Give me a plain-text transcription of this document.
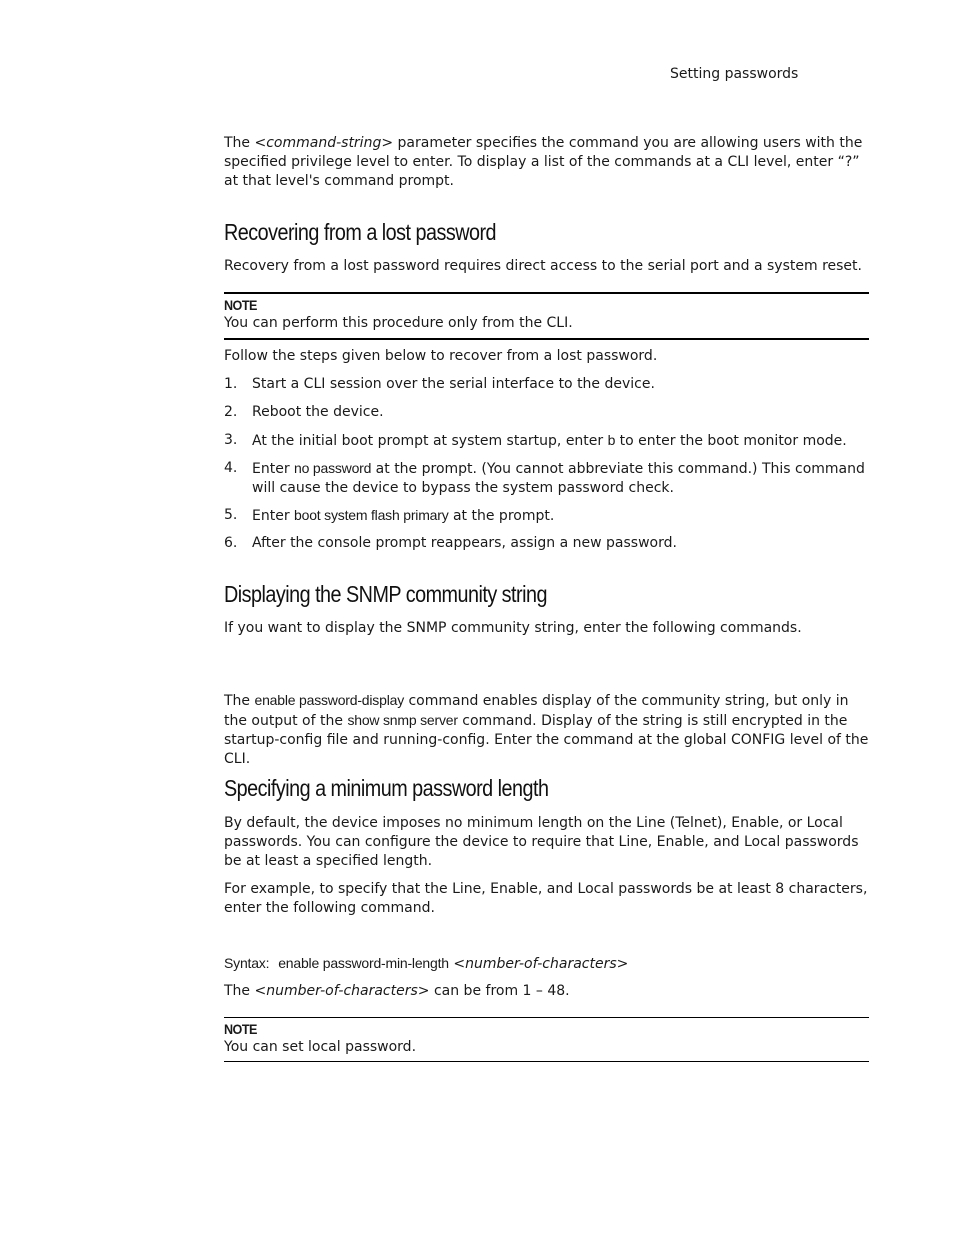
Setting passwords

The <command-string> parameter specifies the command you are allowing users with the specified privilege level to enter. To display a list of the commands at a CLI level, enter “?” at that level's command prompt.

Recovering from a lost password

Recovery from a lost password requires direct access to the serial port and a system reset.

NOTE
You can perform this procedure only from the CLI.

Follow the steps given below to recover from a lost password.

1. Start a CLI session over the serial interface to the device.
2. Reboot the device.
3. At the initial boot prompt at system startup, enter b to enter the boot monitor mode.
4. Enter no password at the prompt. (You cannot abbreviate this command.) This command will cause the device to bypass the system password check.
5. Enter boot system flash primary at the prompt.
6. After the console prompt reappears, assign a new password.
Displaying the SNMP community string

If you want to display the SNMP community string, enter the following commands.

The enable password-display command enables display of the community string, but only in the output of the show snmp server command. Display of the string is still encrypted in the startup-config file and running-config. Enter the command at the global CONFIG level of the CLI.

Specifying a minimum password length

By default, the device imposes no minimum length on the Line (Telnet), Enable, or Local passwords. You can configure the device to require that Line, Enable, and Local passwords be at least a specified length.

For example, to specify that the Line, Enable, and Local passwords be at least 8 characters, enter the following command.

Syntax: enable password-min-length <number-of-characters>

The <number-of-characters> can be from 1 – 48.

NOTE
You can set local password.
